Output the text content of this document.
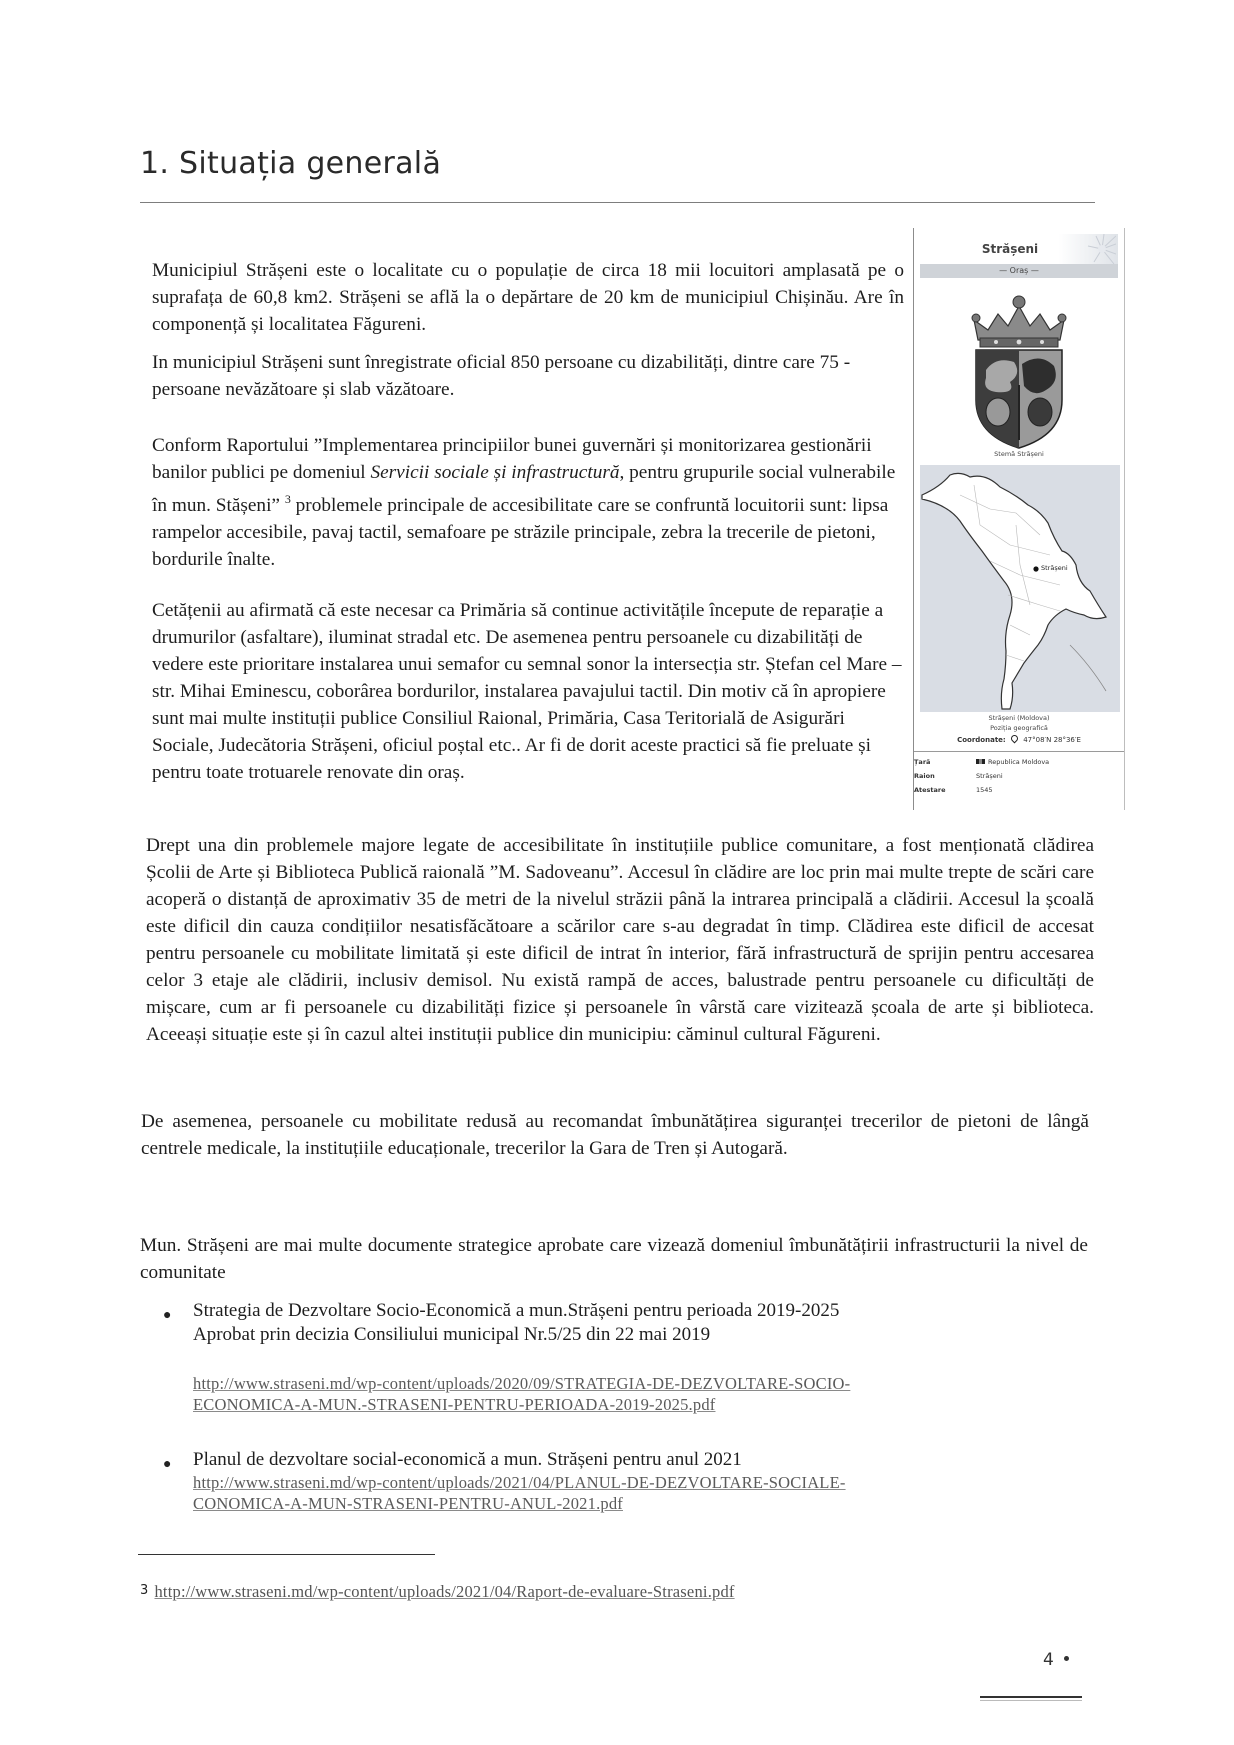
1. Situația generală

Municipiul Strășeni este o localitate cu o populație de circa 18 mii locuitori amplasată pe o suprafața de 60,8 km2. Strășeni se află la o depărtare de 20 km de municipiul Chișinău. Are în componență și localitatea Făgureni.

In municipiul Strășeni sunt înregistrate oficial 850 persoane cu dizabilități, dintre care 75 - persoane nevăzătoare și slab văzătoare.

Conform Raportului ”Implementarea principiilor bunei guvernări și monitorizarea gestionării banilor publici pe domeniul Servicii sociale și infrastructură, pentru grupurile social vulnerabile în mun. Stășeni” $^3$ problemele principale de accesibilitate care se confruntă locuitorii sunt: lipsa rampelor accesibile, pavaj tactil, semafoare pe străzile principale, zebra la trecerile de pietoni, bordurile înalte.

Cetățenii au afirmată că este necesar ca Primăria să continue activitățile începute de reparație a drumurilor (asfaltare), iluminat stradal etc. De asemenea pentru persoanele cu dizabilități de vedere este prioritare instalarea unui semafor cu semnal sonor la intersecția str. Ștefan cel Mare – str. Mihai Eminescu, coborârea bordurilor, instalarea pavajului tactil. Din motiv că în apropiere sunt mai multe instituții publice Consiliul Raional, Primăria, Casa Teritorială de Asigurări Sociale, Judecătoria Strășeni, oficiul poștal etc.. Ar fi de dorit aceste practici să fie preluate și pentru toate trotuarele renovate din oraș.

Strășeni
— Oraș —
Stemă Strășeni
Strășeni
Strășeni (Moldova)
Poziția geografică
Coordonate: 47°08′N 28°36′E
Țară	Republica Moldova
Raion	Strășeni
Atestare	1545

Drept una din problemele majore legate de accesibilitate în instituțiile publice comunitare, a fost menționată clădirea Școlii de Arte și Biblioteca Publică raională ”M. Sadoveanu”. Accesul în clădire are loc prin mai multe trepte de scări care acoperă o distanță de aproximativ 35 de metri de la nivelul străzii până la intrarea principală a clădirii. Accesul la școală este dificil din cauza condițiilor nesatisfăcătoare a scărilor care s-au degradat în timp. Clădirea este dificil de accesat pentru persoanele cu mobilitate limitată și este dificil de intrat în interior, fără infrastructură de sprijin pentru accesarea celor 3 etaje ale clădirii, inclusiv demisol. Nu există rampă de acces, balustrade pentru persoanele cu dificultăți de mișcare, cum ar fi persoanele cu dizabilități fizice și persoanele în vârstă care vizitează școala de arte și biblioteca. Aceeași situație este și în cazul altei instituții publice din municipiu: căminul cultural Făgureni.

De asemenea, persoanele cu mobilitate redusă au recomandat îmbunătățirea siguranței trecerilor de pietoni de lângă centrele medicale, la instituțiile educaționale, trecerilor la Gara de Tren și Autogară.

Mun. Strășeni are mai multe documente strategice aprobate care vizează domeniul îmbunătățirii infrastructurii la nivel de comunitate

● Strategia de Dezvoltare Socio-Economică a mun.Strășeni pentru perioada 2019-2025
Aprobat prin decizia Consiliului municipal Nr.5/25 din 22 mai 2019
http://www.straseni.md/wp-content/uploads/2020/09/STRATEGIA-DE-DEZVOLTARE-SOCIO-
ECONOMICA-A-MUN.-STRASENI-PENTRU-PERIOADA-2019-2025.pdf
● Planul de dezvoltare social-economică a mun. Strășeni pentru anul 2021
http://www.straseni.md/wp-content/uploads/2021/04/PLANUL-DE-DEZVOLTARE-SOCIALE-
CONOMICA-A-MUN-STRASENI-PENTRU-ANUL-2021.pdf
3 http://www.straseni.md/wp-content/uploads/2021/04/Raport-de-evaluare-Straseni.pdf
4
